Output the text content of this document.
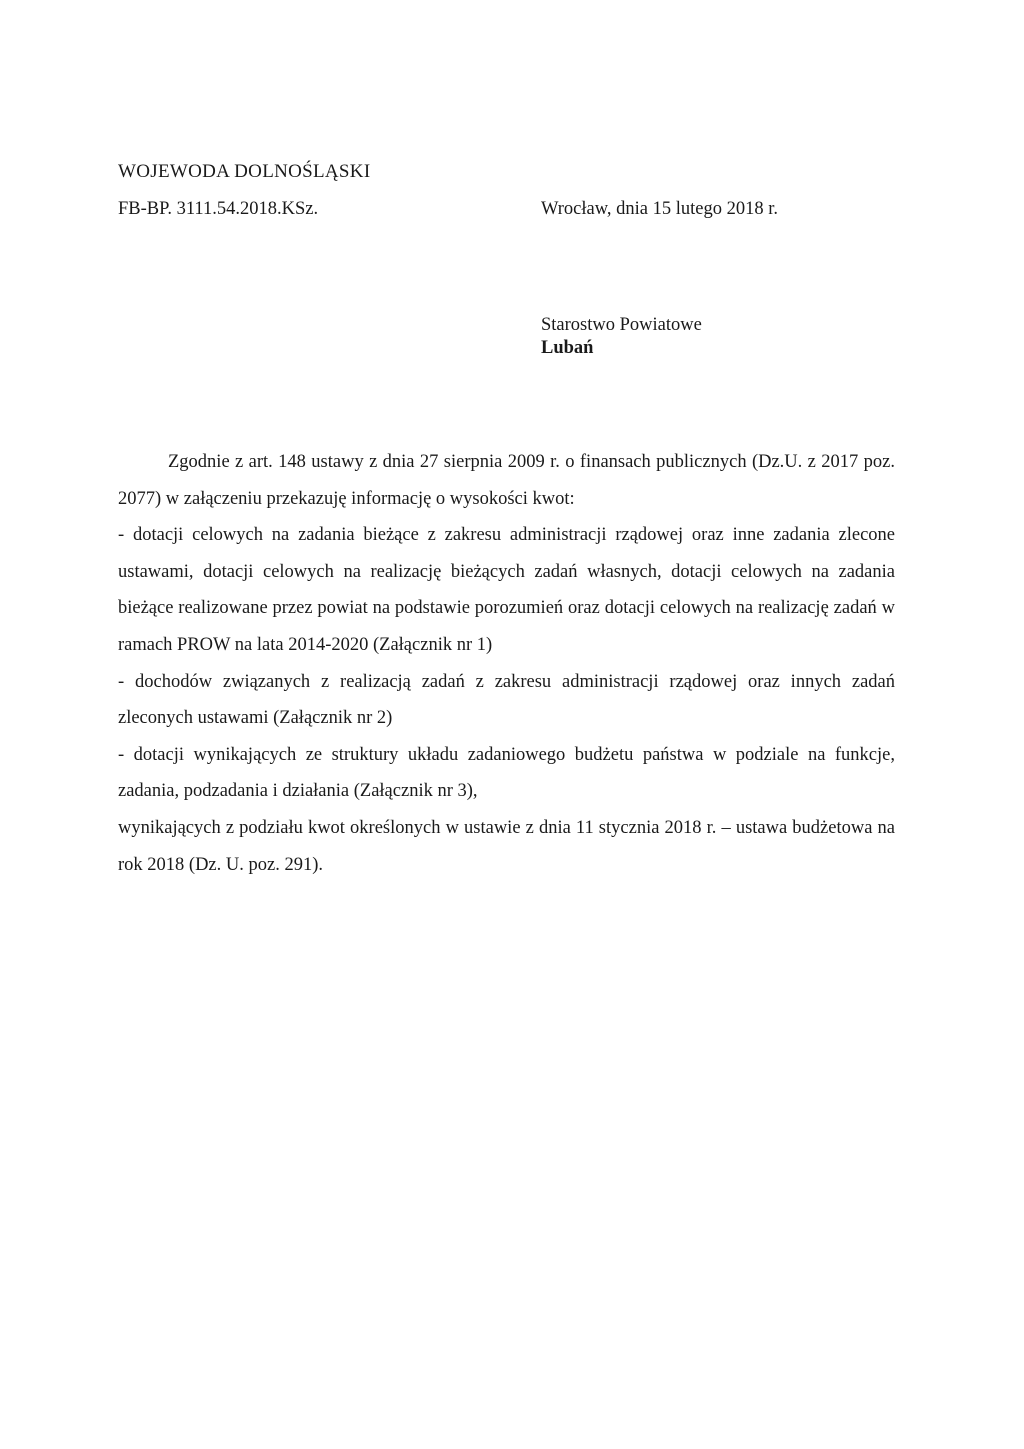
WOJEWODA DOLNOŚLĄSKI
FB-BP. 3111.54.2018.KSz.	Wrocław, dnia 15 lutego 2018 r.
Starostwo Powiatowe
Lubań

Zgodnie z art. 148 ustawy z dnia 27 sierpnia 2009 r. o finansach publicznych (Dz.U. z 2017 poz. 2077) w załączeniu przekazuję informację o wysokości kwot:

- dotacji celowych na zadania bieżące z zakresu administracji rządowej oraz inne zadania zlecone ustawami, dotacji celowych na realizację bieżących zadań własnych, dotacji celowych na zadania bieżące realizowane przez powiat na podstawie porozumień oraz dotacji celowych na realizację zadań w ramach PROW na lata 2014-2020 (Załącznik nr 1)

- dochodów związanych z realizacją zadań z zakresu administracji rządowej oraz innych zadań zleconych ustawami (Załącznik nr 2)

- dotacji wynikających ze struktury układu zadaniowego budżetu państwa w podziale na funkcje, zadania, podzadania i działania (Załącznik nr 3),

wynikających z podziału kwot określonych w ustawie z dnia 11 stycznia 2018 r. – ustawa budżetowa na rok 2018 (Dz. U. poz. 291).
